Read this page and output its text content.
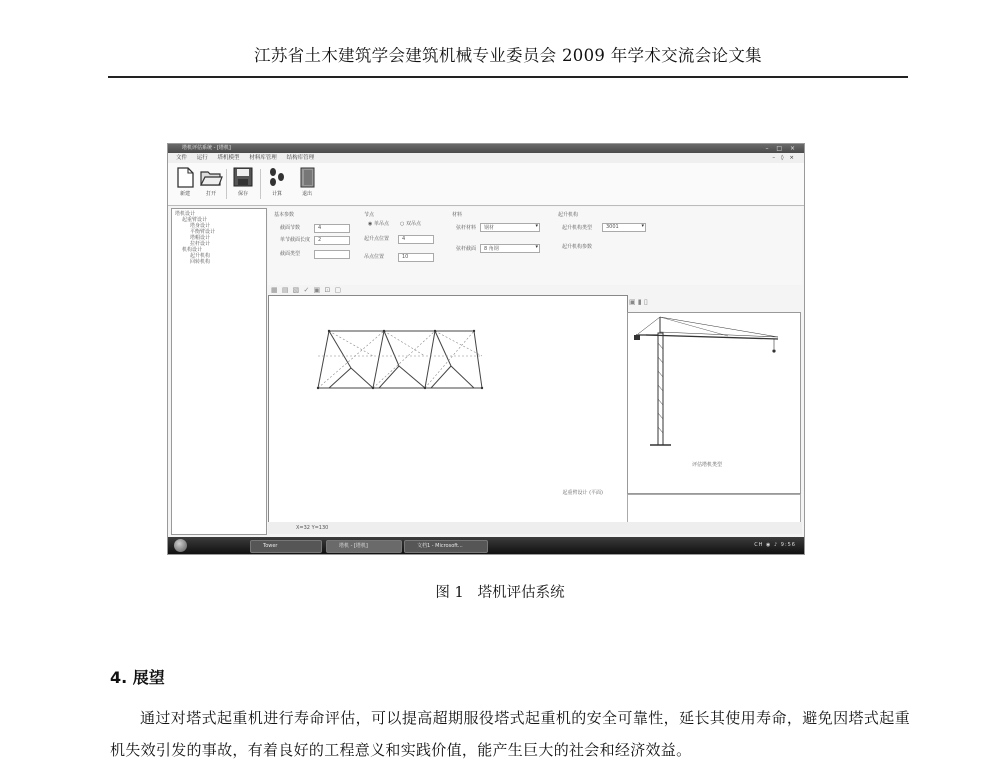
江苏省土木建筑学会建筑机械专业委员会 2009 年学术交流会论文集
塔机评估系统 - [塔机]	– □ ×
文件 运行 塔机模型 材料库管理 结构库管理	– ◊ ×
新建	打开	保存	计算	退出
塔机设计
起重臂设计
塔身设计
平衡臂设计
塔帽设计
拉杆设计
机构设计
起升机构
回转机构
基本参数
截面节数	4
单节截面长度	2
截面类型
节点
◉ 单吊点 ○ 双吊点
起升点位置	4
吊点位置	10
材料
弦杆材料	钢材 ▾
弦杆截面	8 角钢 ▾
起升机构
起升机构类型	3001 ▾
起升机构参数
▦ ▤ ▧ ✓ ▣ ⊡ ▢
起重臂设计 (平面)
▣ ▮ ▯
评估塔机类型
X=32 Y=130
Tower	塔机 - [塔机]	文档1 - Microsoft...	CH ◉ ♪ 9:56
图 1 塔机评估系统
4. 展望
通过对塔式起重机进行寿命评估，可以提高超期服役塔式起重机的安全可靠性，延长其使用寿命，避免因塔式起重机失效引发的事故，有着良好的工程意义和实践价值，能产生巨大的社会和经济效益。
